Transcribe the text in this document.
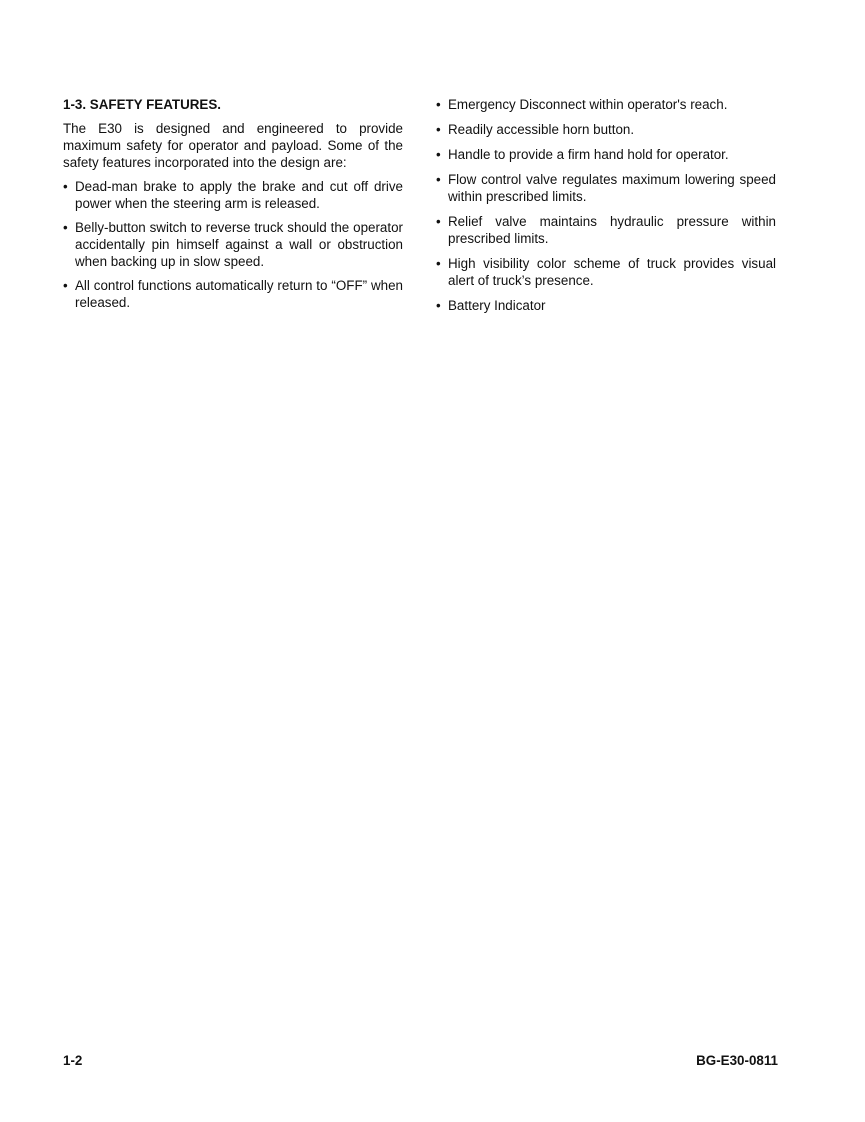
1-3. SAFETY FEATURES.
The E30 is designed and engineered to provide maximum safety for operator and payload. Some of the safety features incorporated into the design are:
• Dead-man brake to apply the brake and cut off drive power when the steering arm is released.
• Belly-button switch to reverse truck should the operator accidentally pin himself against a wall or obstruction when backing up in slow speed.
• All control functions automatically return to “OFF” when released.
• Emergency Disconnect within operator's reach.
• Readily accessible horn button.
• Handle to provide a firm hand hold for operator.
• Flow control valve regulates maximum lowering speed within prescribed limits.
• Relief valve maintains hydraulic pressure within prescribed limits.
• High visibility color scheme of truck provides visual alert of truck’s presence.
• Battery Indicator
1-2	BG-E30-0811
